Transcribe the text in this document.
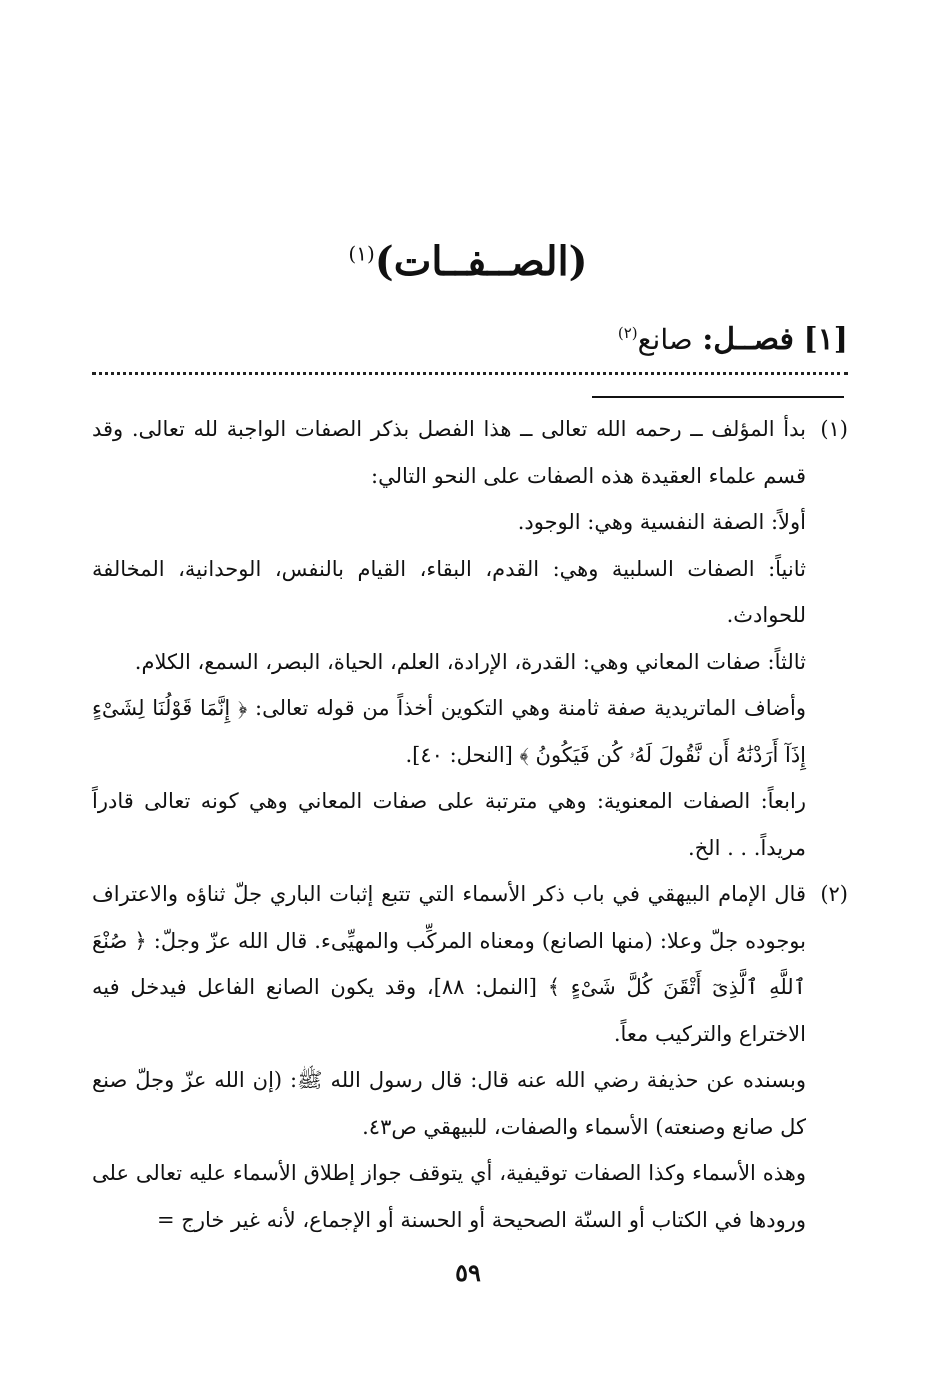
(الصــفــات)$^{(١)}$
[١] فصــل: صانع$^{(٢)}$
(١)

بدأ المؤلف ــ رحمه الله تعالى ــ هذا الفصل بذكر الصفات الواجبة لله تعالى. وقد قسم علماء العقيدة هذه الصفات على النحو التالي:

أولاً: الصفة النفسية وهي: الوجود.

ثانياً: الصفات السلبية وهي: القدم، البقاء، القيام بالنفس، الوحدانية، المخالفة للحوادث.

ثالثاً: صفات المعاني وهي: القدرة، الإرادة، العلم، الحياة، البصر، السمع، الكلام.

وأضاف الماتريدية صفة ثامنة وهي التكوين أخذاً من قوله تعالى: ﴿ إِنَّمَا قَوْلُنَا لِشَىْءٍ إِذَآ أَرَدْنَٰهُ أَن نَّقُولَ لَهُۥ كُن فَيَكُونُ ﴾ [النحل: ٤٠].

رابعاً: الصفات المعنوية: وهي مترتبة على صفات المعاني وهي كونه تعالى قادراً مريداً. . . الخ.

(٢)

قال الإمام البيهقي في باب ذكر الأسماء التي تتبع إثبات الباري جلّ ثناؤه والاعتراف بوجوده جلّ وعلا: (منها الصانع) ومعناه المركِّب والمهيِّىء. قال الله عزّ وجلّ: ﴿ صُنْعَ ٱللَّهِ ٱلَّذِىٓ أَتْقَنَ كُلَّ شَىْءٍ ﴾ [النمل: ٨٨]، وقد يكون الصانع الفاعل فيدخل فيه الاختراع والتركيب معاً.

وبسنده عن حذيفة رضي الله عنه قال: قال رسول الله ﷺ: (إن الله عزّ وجلّ صنع كل صانع وصنعته) الأسماء والصفات، للبيهقي ص٤٣.

وهذه الأسماء وكذا الصفات توقيفية، أي يتوقف جواز إطلاق الأسماء عليه تعالى على ورودها في الكتاب أو السنّة الصحيحة أو الحسنة أو الإجماع، لأنه غير خارج =

٥٩
